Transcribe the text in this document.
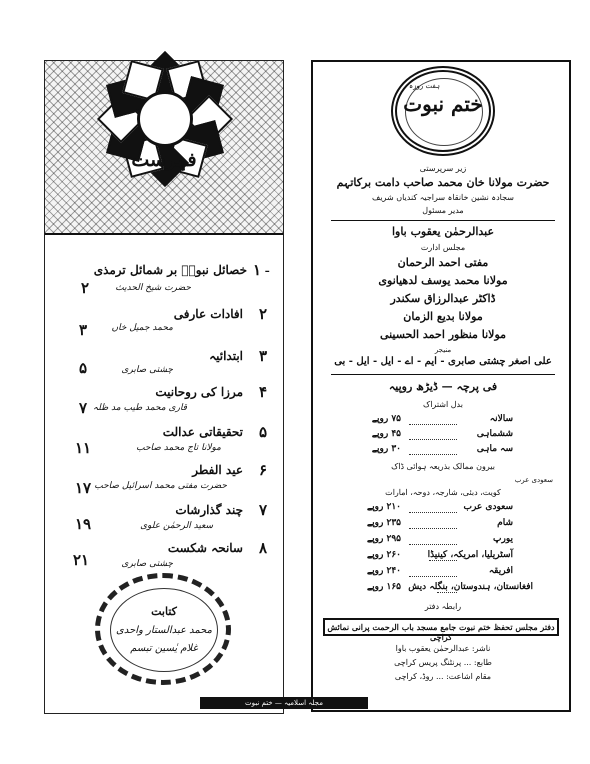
فہرست
۱ -
خصائل نبویؐ بر شمائل ترمذی
حضرت شیخ الحدیث
۲
۲
افادات عارفی
محمد جمیل خاں
۳
۳
ابتدائیہ
چشتی صابری
۵
۴
مرزا کی روحانیت
قاری محمد طیب مد ظلہ
۷
۵
تحقیقاتی عدالت
مولانا تاج محمد صاحب
۱۱
۶
عید الفطر
حضرت مفتی محمد اسرائیل صاحب
۱۷
۷
چند گذارشات
سعید الرحمٰن علوی
۱۹
۸
سانحہ شکست
چشتی صابری
۲۱
کتابت
محمد عبدالستار واحدی
غلام یٰسین تبسم
ہفت روزہ
ختم نبوت
زیر سرپرستی
حضرت مولانا خان محمد صاحب دامت برکاتہم
سجادہ نشین خانقاہ سراجیہ کندیاں شریف
مدیر مسئول
عبدالرحمٰن یعقوب باوا
مجلس ادارت
مفتی احمد الرحمان
مولانا محمد یوسف لدھیانوی
ڈاکٹر عبدالرزاق سکندر
مولانا بدیع الزمان
مولانا منظور احمد الحسینی
منیجر
علی اصغر چشتی صابری - ایم - اے - ایل - ایل - بی
فی پرچہ — ڈیڑھ روپیہ
بدل اشتراک
سالانہ
۷۵ روپے
ششماہی
۴۵ روپے
سہ ماہی
۳۰ روپے
بیرون ممالک بذریعہ ہوائی ڈاک
سعودی عرب
کویت، دبئی، شارجہ، دوحہ، امارات
سعودی عرب
۲۱۰ روپے
شام
۲۳۵ روپے
یورپ
۲۹۵ روپے
آسٹریلیا، امریکہ، کینیڈا
۲۶۰ روپے
افریقہ
۲۴۰ روپے
افغانستان، ہندوستان، بنگلہ دیش
۱۶۵ روپے
رابطہ دفتر
دفتر مجلس تحفظ ختم نبوت جامع مسجد باب الرحمت پرانی نمائش کراچی
ناشر: عبدالرحمٰن یعقوب باوا
طابع: ... پرنٹنگ پریس کراچی
مقام اشاعت: ... روڈ، کراچی
مجلہ اسلامیہ — ختم نبوت
